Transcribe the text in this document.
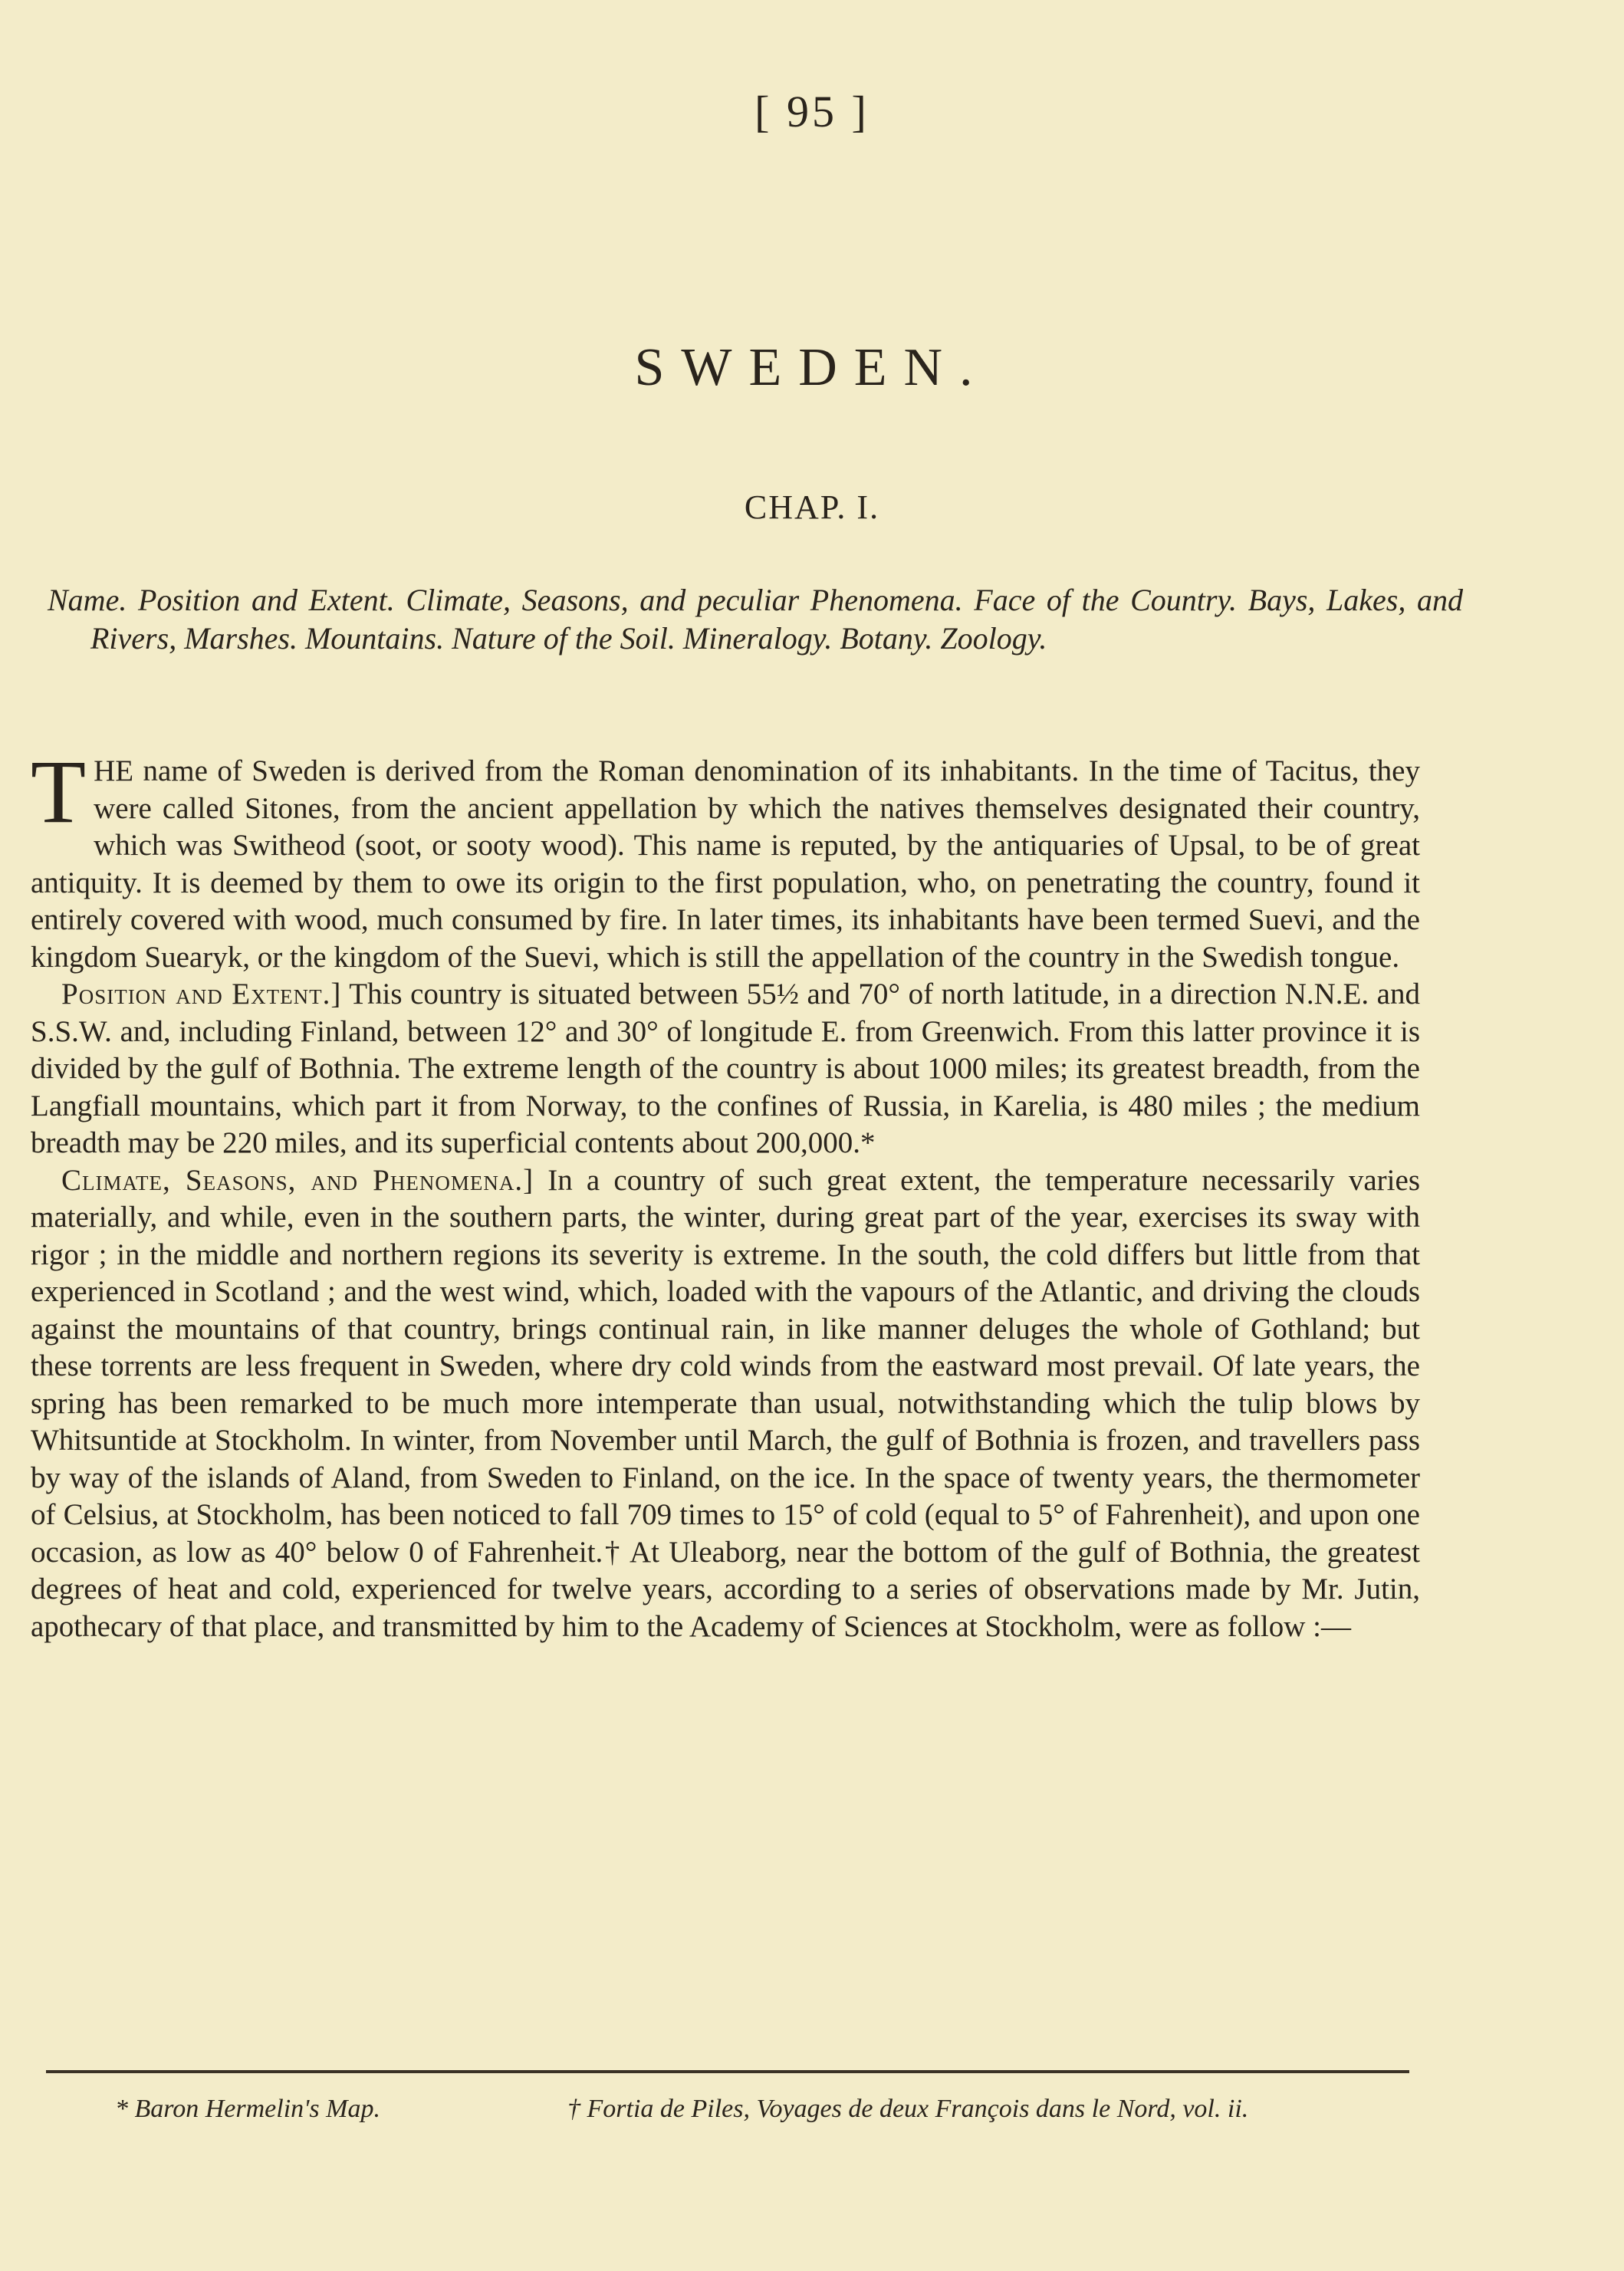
[ 95 ]
SWEDEN.
CHAP. I.
Name. Position and Extent. Climate, Seasons, and peculiar Phenomena. Face of the Country. Bays, Lakes, and Rivers, Marshes. Mountains. Nature of the Soil. Mineralogy. Botany. Zoology.

THE name of Sweden is derived from the Roman denomination of its inhabitants. In the time of Tacitus, they were called Sitones, from the ancient appellation by which the natives themselves designated their country, which was Switheod (soot, or sooty wood). This name is reputed, by the antiquaries of Upsal, to be of great antiquity. It is deemed by them to owe its origin to the first population, who, on penetrating the country, found it entirely covered with wood, much consumed by fire. In later times, its inhabitants have been termed Suevi, and the kingdom Suearyk, or the kingdom of the Suevi, which is still the appellation of the country in the Swedish tongue.

Position and Extent.] This country is situated between 55½ and 70° of north latitude, in a direction N.N.E. and S.S.W. and, including Finland, between 12° and 30° of longitude E. from Greenwich. From this latter province it is divided by the gulf of Bothnia. The extreme length of the country is about 1000 miles; its greatest breadth, from the Langfiall mountains, which part it from Norway, to the confines of Russia, in Karelia, is 480 miles ; the medium breadth may be 220 miles, and its superficial contents about 200,000.*

Climate, Seasons, and Phenomena.] In a country of such great extent, the temperature necessarily varies materially, and while, even in the southern parts, the winter, during great part of the year, exercises its sway with rigor ; in the middle and northern regions its severity is extreme. In the south, the cold differs but little from that experienced in Scotland ; and the west wind, which, loaded with the vapours of the Atlantic, and driving the clouds against the mountains of that country, brings continual rain, in like manner deluges the whole of Gothland; but these torrents are less frequent in Sweden, where dry cold winds from the eastward most prevail. Of late years, the spring has been remarked to be much more intemperate than usual, notwithstanding which the tulip blows by Whitsuntide at Stockholm. In winter, from November until March, the gulf of Bothnia is frozen, and travellers pass by way of the islands of Aland, from Sweden to Finland, on the ice. In the space of twenty years, the thermometer of Celsius, at Stockholm, has been noticed to fall 709 times to 15° of cold (equal to 5° of Fahrenheit), and upon one occasion, as low as 40° below 0 of Fahrenheit.† At Uleaborg, near the bottom of the gulf of Bothnia, the greatest degrees of heat and cold, experienced for twelve years, according to a series of observations made by Mr. Jutin, apothecary of that place, and transmitted by him to the Academy of Sciences at Stockholm, were as follow :—

* Baron Hermelin's Map.	† Fortia de Piles, Voyages de deux François dans le Nord, vol. ii.
